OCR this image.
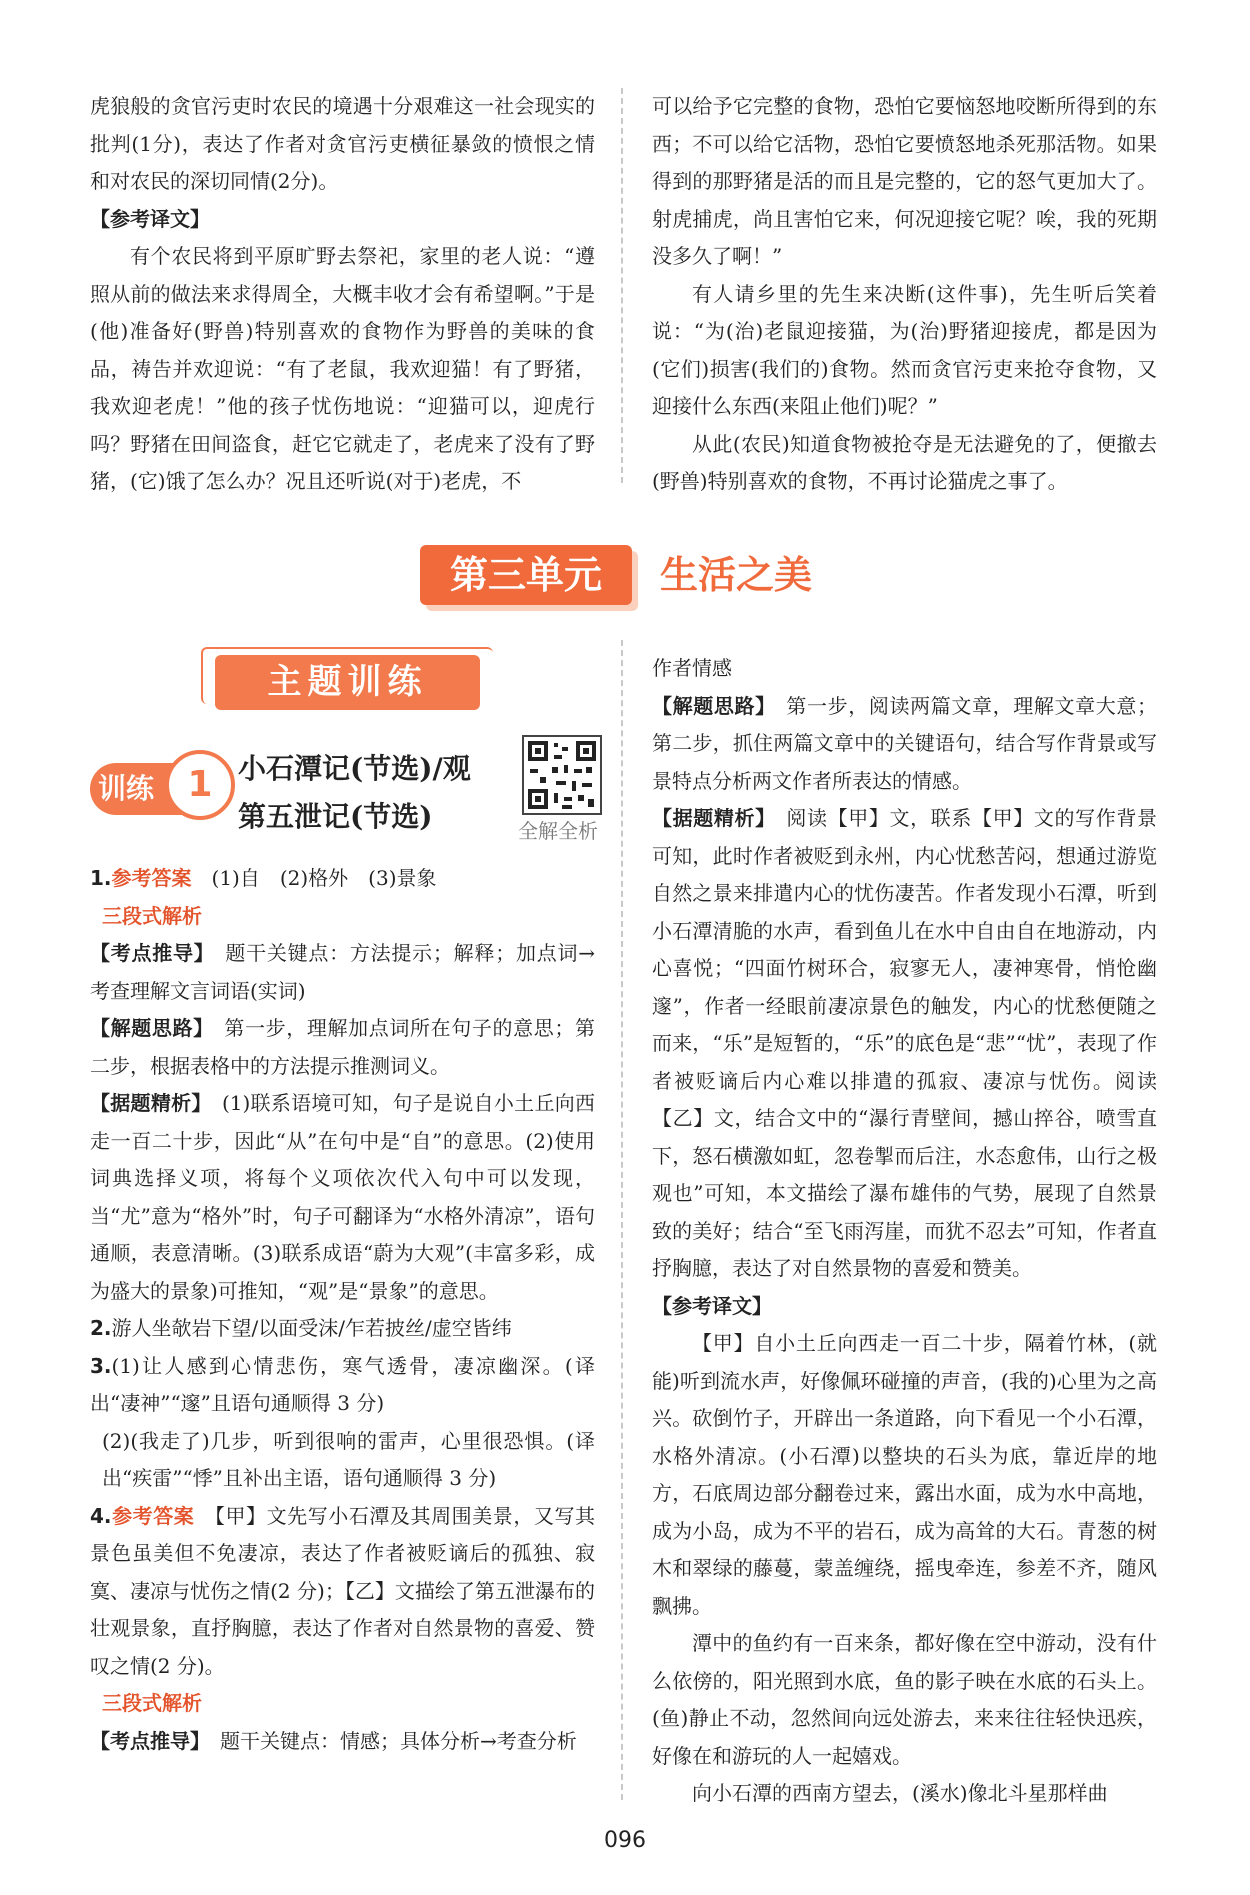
虎狼般的贪官污吏时农民的境遇十分艰难这一社会现实的批判(1分)，表达了作者对贪官污吏横征暴敛的愤恨之情和对农民的深切同情(2分)。

【参考译文】

有个农民将到平原旷野去祭祀，家里的老人说：“遵照从前的做法来求得周全，大概丰收才会有希望啊。”于是(他)准备好(野兽)特别喜欢的食物作为野兽的美味的食品，祷告并欢迎说：“有了老鼠，我欢迎猫！有了野猪，我欢迎老虎！”他的孩子忧伤地说：“迎猫可以，迎虎行吗？野猪在田间盗食，赶它它就走了，老虎来了没有了野猪，(它)饿了怎么办？况且还听说(对于)老虎，不

可以给予它完整的食物，恐怕它要恼怒地咬断所得到的东西；不可以给它活物，恐怕它要愤怒地杀死那活物。如果得到的那野猪是活的而且是完整的，它的怒气更加大了。射虎捕虎，尚且害怕它来，何况迎接它呢？唉，我的死期没多久了啊！”

有人请乡里的先生来决断(这件事)，先生听后笑着说：“为(治)老鼠迎接猫，为(治)野猪迎接虎，都是因为(它们)损害(我们的)食物。然而贪官污吏来抢夺食物，又迎接什么东西(来阻止他们)呢？”

从此(农民)知道食物被抢夺是无法避免的了，便撤去(野兽)特别喜欢的食物，不再讨论猫虎之事了。

第三单元	生活之美
主题训练
训练 1 小石潭记(节选)/观
第五泄记(节选)	全解全析

1.参考答案　 (1)自　(2)格外　(3)景象

三段式解析

【考点推导】　 题干关键点：方法提示；解释；加点词→考查理解文言词语(实词)

【解题思路】　 第一步，理解加点词所在句子的意思；第二步，根据表格中的方法提示推测词义。

【据题精析】　 (1)联系语境可知，句子是说自小土丘向西走一百二十步，因此“从”在句中是“自”的意思。(2)使用词典选择义项，将每个义项依次代入句中可以发现，当“尤”意为“格外”时，句子可翻译为“水格外清凉”，语句通顺，表意清晰。(3)联系成语“蔚为大观”(丰富多彩，成为盛大的景象)可推知，“观”是“景象”的意思。

2.游人坐欹岩下望/以面受沫/乍若披丝/虚空皆纬

3.(1)让人感到心情悲伤，寒气透骨，凄凉幽深。(译出“凄神”“邃”且语句通顺得 3 分)

(2)(我走了)几步，听到很响的雷声，心里很恐惧。(译出“疾雷”“悸”且补出主语，语句通顺得 3 分)

4.参考答案　 【甲】文先写小石潭及其周围美景，又写其景色虽美但不免凄凉，表达了作者被贬谪后的孤独、寂寞、凄凉与忧伤之情(2 分)；【乙】文描绘了第五泄瀑布的壮观景象，直抒胸臆，表达了作者对自然景物的喜爱、赞叹之情(2 分)。

三段式解析

【考点推导】　 题干关键点：情感；具体分析→考查分析

作者情感

【解题思路】　 第一步，阅读两篇文章，理解文章大意；第二步，抓住两篇文章中的关键语句，结合写作背景或写景特点分析两文作者所表达的情感。

【据题精析】　 阅读【甲】文，联系【甲】文的写作背景可知，此时作者被贬到永州，内心忧愁苦闷，想通过游览自然之景来排遣内心的忧伤凄苦。作者发现小石潭，听到小石潭清脆的水声，看到鱼儿在水中自由自在地游动，内心喜悦；“四面竹树环合，寂寥无人，凄神寒骨，悄怆幽邃”，作者一经眼前凄凉景色的触发，内心的忧愁便随之而来，“乐”是短暂的，“乐”的底色是“悲”“忧”，表现了作者被贬谪后内心难以排遣的孤寂、凄凉与忧伤。阅读【乙】文，结合文中的“瀑行青壁间，撼山捽谷，喷雪直下，怒石横激如虹，忽卷掣而后注，水态愈伟，山行之极观也”可知，本文描绘了瀑布雄伟的气势，展现了自然景致的美好；结合“至飞雨泻崖，而犹不忍去”可知，作者直抒胸臆，表达了对自然景物的喜爱和赞美。

【参考译文】

【甲】自小土丘向西走一百二十步，隔着竹林，(就能)听到流水声，好像佩环碰撞的声音，(我的)心里为之高兴。砍倒竹子，开辟出一条道路，向下看见一个小石潭，水格外清凉。(小石潭)以整块的石头为底，靠近岸的地方，石底周边部分翻卷过来，露出水面，成为水中高地，成为小岛，成为不平的岩石，成为高耸的大石。青葱的树木和翠绿的藤蔓，蒙盖缠绕，摇曳牵连，参差不齐，随风飘拂。

潭中的鱼约有一百来条，都好像在空中游动，没有什么依傍的，阳光照到水底，鱼的影子映在水底的石头上。(鱼)静止不动，忽然间向远处游去，来来往往轻快迅疾，好像在和游玩的人一起嬉戏。

向小石潭的西南方望去，(溪水)像北斗星那样曲

096
